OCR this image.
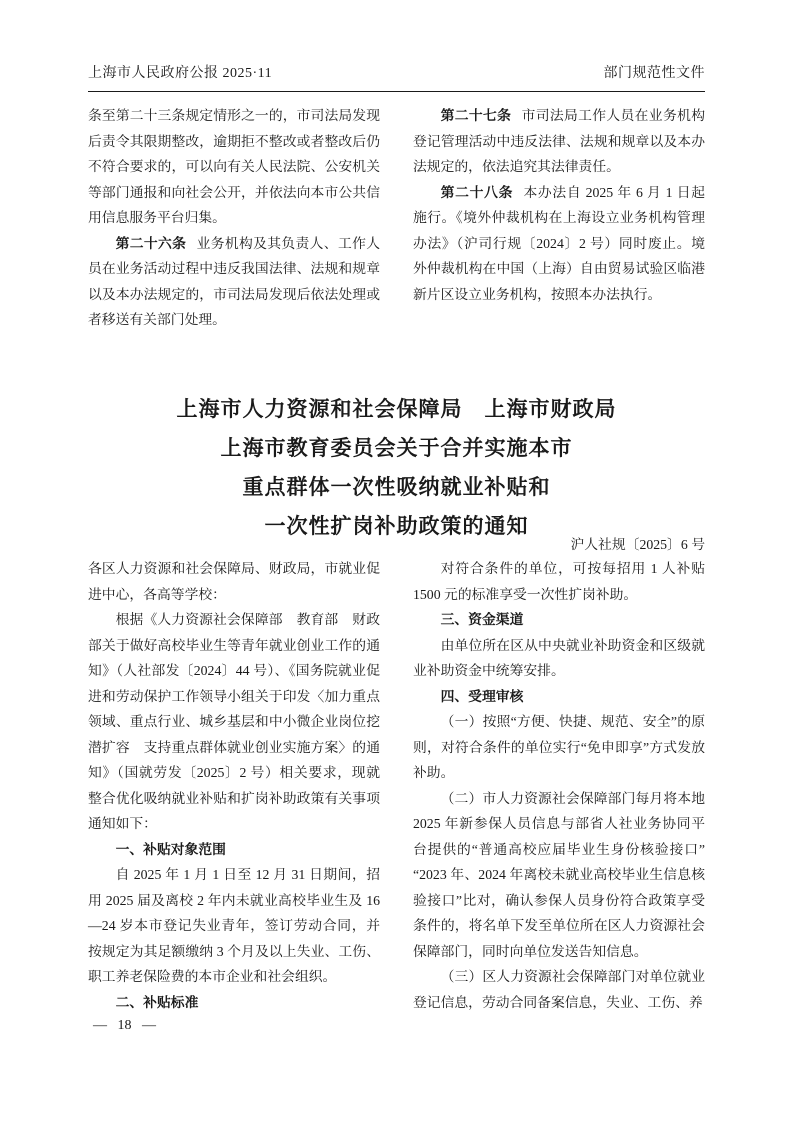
上海市人民政府公报 2025·11	部门规范性文件

条至第二十三条规定情形之一的，市司法局发现后责令其限期整改，逾期拒不整改或者整改后仍不符合要求的，可以向有关人民法院、公安机关等部门通报和向社会公开，并依法向本市公共信用信息服务平台归集。

第二十六条 业务机构及其负责人、工作人员在业务活动过程中违反我国法律、法规和规章以及本办法规定的，市司法局发现后依法处理或者移送有关部门处理。

第二十七条 市司法局工作人员在业务机构登记管理活动中违反法律、法规和规章以及本办法规定的，依法追究其法律责任。

第二十八条 本办法自 2025 年 6 月 1 日起施行。《境外仲裁机构在上海设立业务机构管理办法》（沪司行规〔2024〕2 号）同时废止。境外仲裁机构在中国（上海）自由贸易试验区临港新片区设立业务机构，按照本办法执行。

上海市人力资源和社会保障局　上海市财政局
上海市教育委员会关于合并实施本市
重点群体一次性吸纳就业补贴和
一次性扩岗补助政策的通知
沪人社规〔2025〕6 号

各区人力资源和社会保障局、财政局，市就业促进中心，各高等学校：

根据《人力资源社会保障部　教育部　财政部关于做好高校毕业生等青年就业创业工作的通知》（人社部发〔2024〕44 号）、《国务院就业促进和劳动保护工作领导小组关于印发〈加力重点领域、重点行业、城乡基层和中小微企业岗位挖潜扩容　支持重点群体就业创业实施方案〉的通知》（国就劳发〔2025〕2 号）相关要求，现就整合优化吸纳就业补贴和扩岗补助政策有关事项通知如下：

一、补贴对象范围

自 2025 年 1 月 1 日至 12 月 31 日期间，招用 2025 届及离校 2 年内未就业高校毕业生及 16—24 岁本市登记失业青年，签订劳动合同，并按规定为其足额缴纳 3 个月及以上失业、工伤、职工养老保险费的本市企业和社会组织。

二、补贴标准

对符合条件的单位，可按每招用 1 人补贴 1500 元的标准享受一次性扩岗补助。

三、资金渠道

由单位所在区从中央就业补助资金和区级就业补助资金中统筹安排。

四、受理审核

（一）按照“方便、快捷、规范、安全”的原则，对符合条件的单位实行“免申即享”方式发放补助。

（二）市人力资源社会保障部门每月将本地 2025 年新参保人员信息与部省人社业务协同平台提供的“普通高校应届毕业生身份核验接口”“2023 年、2024 年离校未就业高校毕业生信息核验接口”比对，确认参保人员身份符合政策享受条件的，将名单下发至单位所在区人力资源社会保障部门，同时向单位发送告知信息。

（三）区人力资源社会保障部门对单位就业登记信息，劳动合同备案信息，失业、工伤、养

— 18 —
